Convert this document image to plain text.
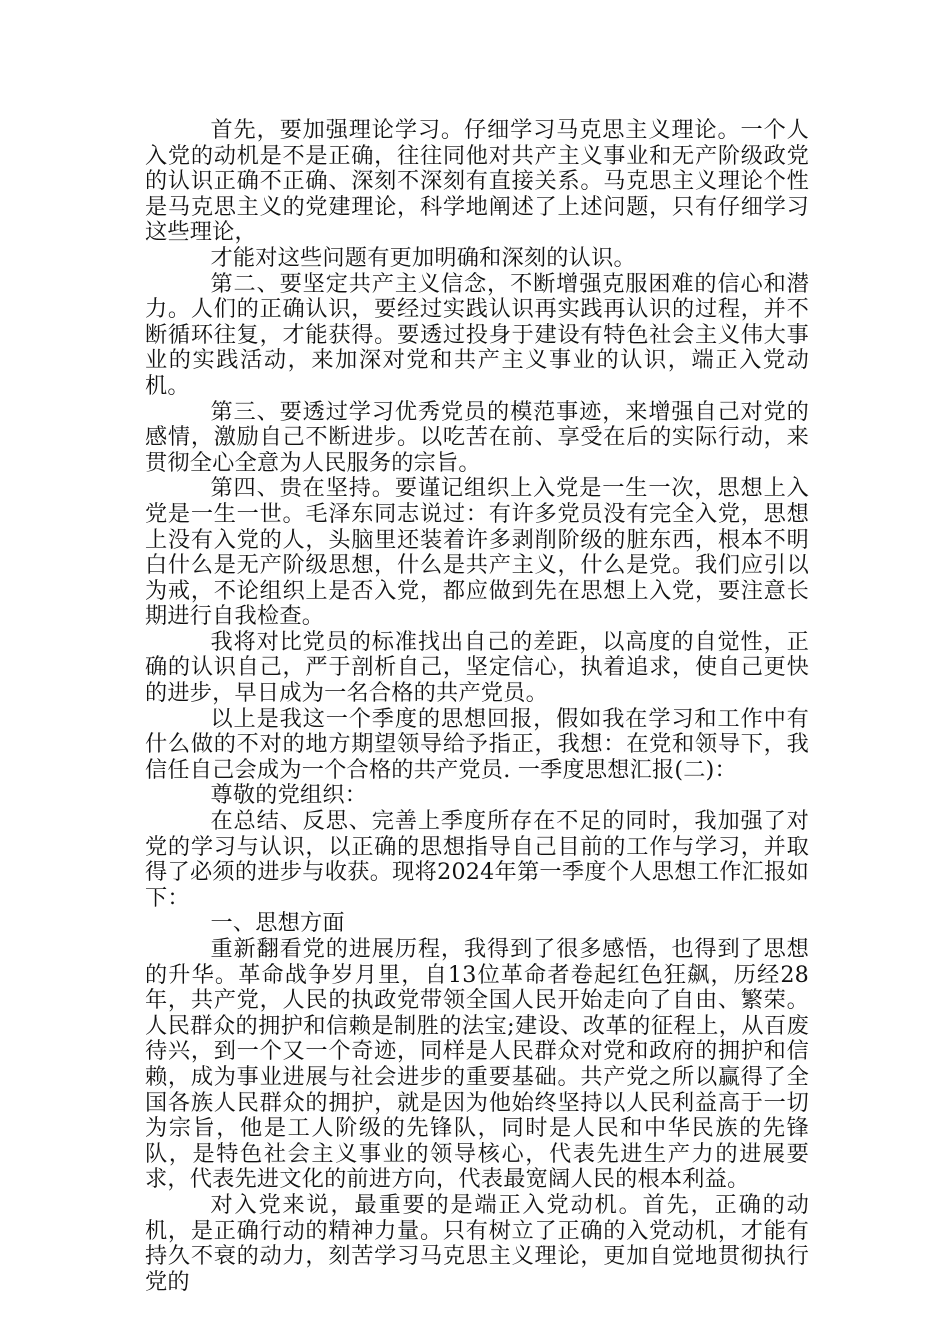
首先，要加强理论学习。仔细学习马克思主义理论。一个人入党的动机是不是正确，往往同他对共产主义事业和无产阶级政党的认识正确不正确、深刻不深刻有直接关系。马克思主义理论个性是马克思主义的党建理论，科学地阐述了上述问题，只有仔细学习这些理论，

才能对这些问题有更加明确和深刻的认识。

第二、要坚定共产主义信念，不断增强克服困难的信心和潜力。人们的正确认识，要经过实践认识再实践再认识的过程，并不断循环往复，才能获得。要透过投身于建设有特色社会主义伟大事业的实践活动，来加深对党和共产主义事业的认识，端正入党动机。

第三、要透过学习优秀党员的模范事迹，来增强自己对党的感情，激励自己不断进步。以吃苦在前、享受在后的实际行动，来贯彻全心全意为人民服务的宗旨。

第四、贵在坚持。要谨记组织上入党是一生一次，思想上入党是一生一世。毛泽东同志说过：有许多党员没有完全入党，思想上没有入党的人，头脑里还装着许多剥削阶级的脏东西，根本不明白什么是无产阶级思想，什么是共产主义，什么是党。我们应引以为戒，不论组织上是否入党，都应做到先在思想上入党，要注意长期进行自我检查。

我将对比党员的标准找出自己的差距，以高度的自觉性，正确的认识自己，严于剖析自己，坚定信心，执着追求，使自己更快的进步，早日成为一名合格的共产党员。

以上是我这一个季度的思想回报，假如我在学习和工作中有什么做的不对的地方期望领导给予指正，我想：在党和领导下，我信任自己会成为一个合格的共产党员. 一季度思想汇报(二)：

尊敬的党组织：

在总结、反思、完善上季度所存在不足的同时，我加强了对党的学习与认识，以正确的思想指导自己目前的工作与学习，并取得了必须的进步与收获。现将2024年第一季度个人思想工作汇报如下：

一、思想方面

重新翻看党的进展历程，我得到了很多感悟，也得到了思想的升华。革命战争岁月里，自13位革命者卷起红色狂飙，历经28年，共产党，人民的执政党带领全国人民开始走向了自由、繁荣。人民群众的拥护和信赖是制胜的法宝;建设、改革的征程上，从百废待兴，到一个又一个奇迹，同样是人民群众对党和政府的拥护和信赖，成为事业进展与社会进步的重要基础。共产党之所以赢得了全国各族人民群众的拥护，就是因为他始终坚持以人民利益高于一切为宗旨，他是工人阶级的先锋队，同时是人民和中华民族的先锋队，是特色社会主义事业的领导核心，代表先进生产力的进展要求，代表先进文化的前进方向，代表最宽阔人民的根本利益。

对入党来说，最重要的是端正入党动机。首先，正确的动机，是正确行动的精神力量。只有树立了正确的入党动机，才能有持久不衰的动力，刻苦学习马克思主义理论，更加自觉地贯彻执行党的
